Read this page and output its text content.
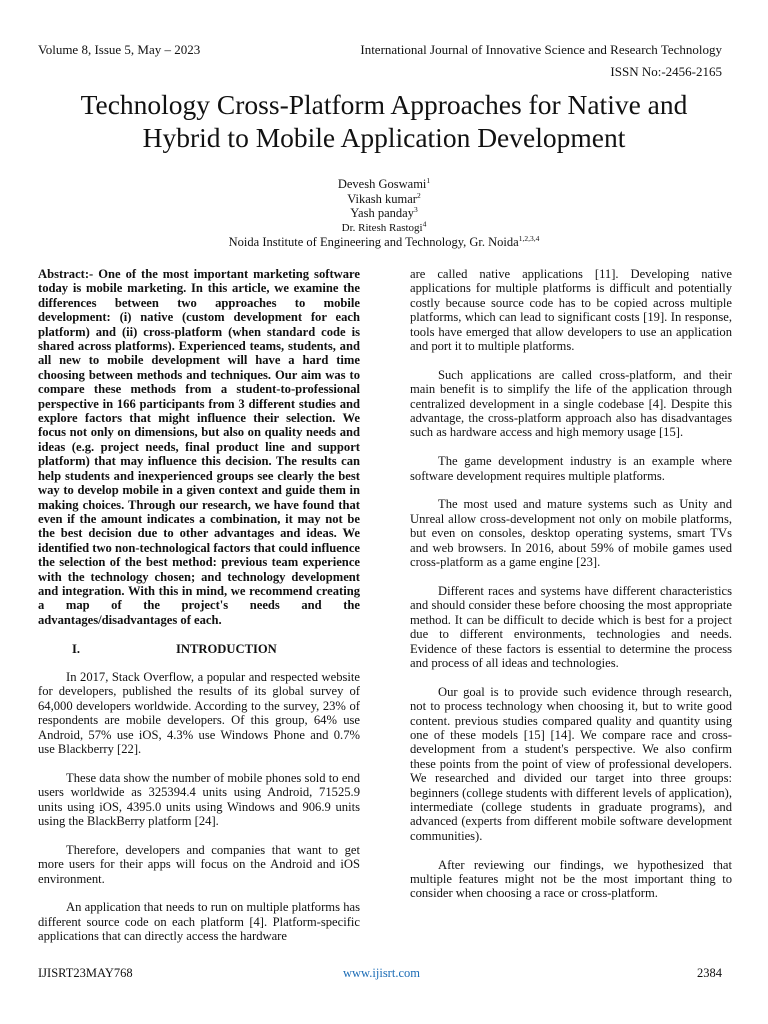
Volume 8, Issue 5, May – 2023	International Journal of Innovative Science and Research Technology
ISSN No:-2456-2165
Technology Cross-Platform Approaches for Native and Hybrid to Mobile Application Development
Devesh Goswami$^1$
Vikash kumar$^2$
Yash panday$^3$
Dr. Ritesh Rastogi$^4$
Noida Institute of Engineering and Technology, Gr. Noida$^{1,2,3,4}$

Abstract:- One of the most important marketing software today is mobile marketing. In this article, we examine the differences between two approaches to mobile development: (i) native (custom development for each platform) and (ii) cross-platform (when standard code is shared across platforms). Experienced teams, students, and all new to mobile development will have a hard time choosing between methods and techniques. Our aim was to compare these methods from a student-to-professional perspective in 166 participants from 3 different studies and explore factors that might influence their selection. We focus not only on dimensions, but also on quality needs and ideas (e.g. project needs, final product line and support platform) that may influence this decision. The results can help students and inexperienced groups see clearly the best way to develop mobile in a given context and guide them in making choices. Through our research, we have found that even if the amount indicates a combination, it may not be the best decision due to other advantages and ideas. We identified two non-technological factors that could influence the selection of the best method: previous team experience with the technology chosen; and technology development and integration. With this in mind, we recommend creating a map of the project's needs and the advantages/disadvantages of each.

I.	INTRODUCTION

In 2017, Stack Overflow, a popular and respected website for developers, published the results of its global survey of 64,000 developers worldwide. According to the survey, 23% of respondents are mobile developers. Of this group, 64% use Android, 57% use iOS, 4.3% use Windows Phone and 0.7% use Blackberry [22].

These data show the number of mobile phones sold to end users worldwide as 325394.4 units using Android, 71525.9 units using iOS, 4395.0 units using Windows and 906.9 units using the BlackBerry platform [24].

Therefore, developers and companies that want to get more users for their apps will focus on the Android and iOS environment.

An application that needs to run on multiple platforms has different source code on each platform [4]. Platform-specific applications that can directly access the hardware

are called native applications [11]. Developing native applications for multiple platforms is difficult and potentially costly because source code has to be copied across multiple platforms, which can lead to significant costs [19]. In response, tools have emerged that allow developers to use an application and port it to multiple platforms.

Such applications are called cross-platform, and their main benefit is to simplify the life of the application through centralized development in a single codebase [4]. Despite this advantage, the cross-platform approach also has disadvantages such as hardware access and high memory usage [15].

The game development industry is an example where software development requires multiple platforms.

The most used and mature systems such as Unity and Unreal allow cross-development not only on mobile platforms, but even on consoles, desktop operating systems, smart TVs and web browsers. In 2016, about 59% of mobile games used cross-platform as a game engine [23].

Different races and systems have different characteristics and should consider these before choosing the most appropriate method. It can be difficult to decide which is best for a project due to different environments, technologies and needs. Evidence of these factors is essential to determine the process and process of all ideas and technologies.

Our goal is to provide such evidence through research, not to process technology when choosing it, but to write good content. previous studies compared quality and quantity using one of these models [15] [14]. We compare race and cross-development from a student's perspective. We also confirm these points from the point of view of professional developers. We researched and divided our target into three groups: beginners (college students with different levels of application), intermediate (college students in graduate programs), and advanced (experts from different mobile software development communities).

After reviewing our findings, we hypothesized that multiple features might not be the most important thing to consider when choosing a race or cross-platform.

IJISRT23MAY768	www.ijisrt.com	2384
